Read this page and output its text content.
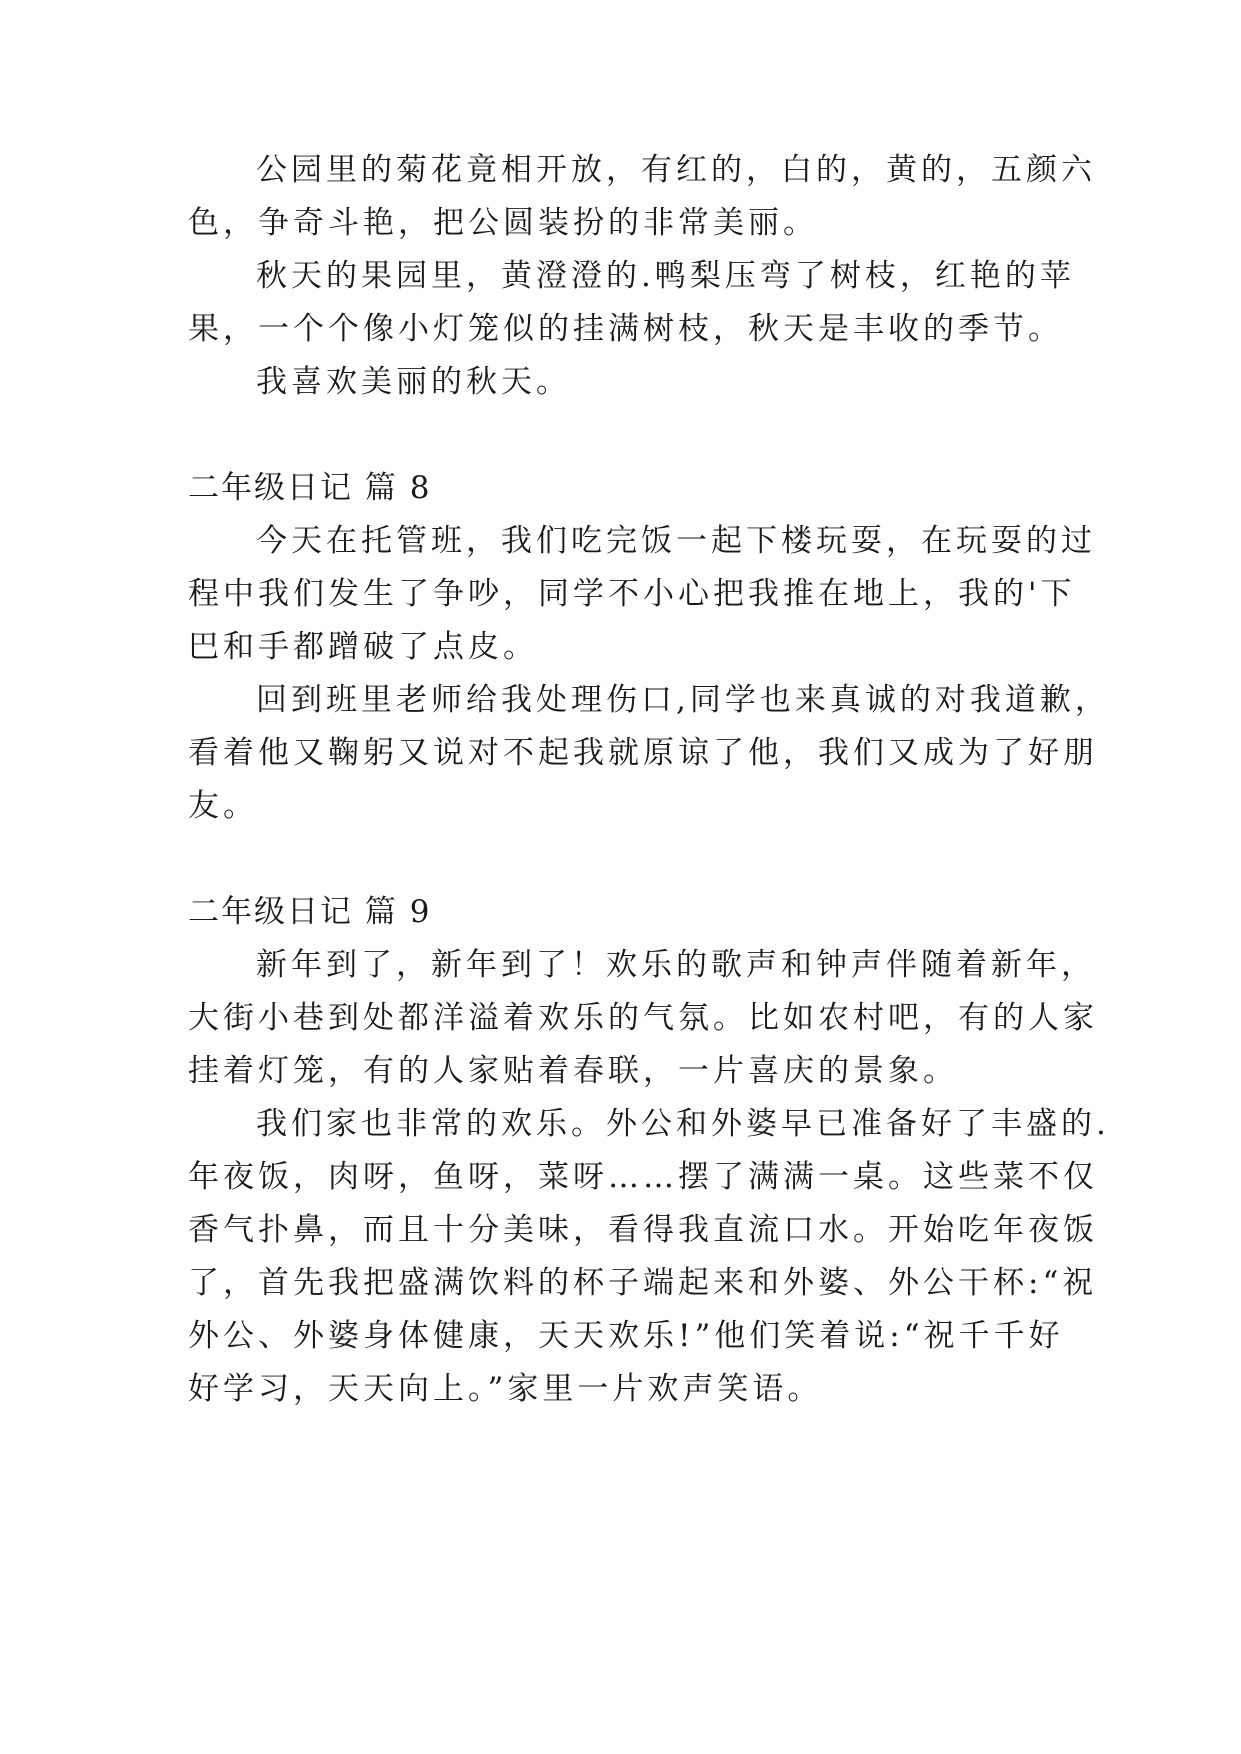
公园里的菊花竟相开放，有红的，白的，黄的，五颜六
色，争奇斗艳，把公圆装扮的非常美丽。
秋天的果园里，黄澄澄的.鸭梨压弯了树枝，红艳的苹
果，一个个像小灯笼似的挂满树枝，秋天是丰收的季节。
我喜欢美丽的秋天。
二年级日记 篇 8
今天在托管班，我们吃完饭一起下楼玩耍，在玩耍的过
程中我们发生了争吵，同学不小心把我推在地上，我的'下
巴和手都蹭破了点皮。
回到班里老师给我处理伤口,同学也来真诚的对我道歉，
看着他又鞠躬又说对不起我就原谅了他，我们又成为了好朋
友。
二年级日记 篇 9
新年到了，新年到了！欢乐的歌声和钟声伴随着新年，
大街小巷到处都洋溢着欢乐的气氛。比如农村吧，有的人家
挂着灯笼，有的人家贴着春联，一片喜庆的景象。
我们家也非常的欢乐。外公和外婆早已准备好了丰盛的.
年夜饭，肉呀，鱼呀，菜呀……摆了满满一桌。这些菜不仅
香气扑鼻，而且十分美味，看得我直流口水。开始吃年夜饭
了，首先我把盛满饮料的杯子端起来和外婆、外公干杯:“祝
外公、外婆身体健康，天天欢乐!”他们笑着说:“祝千千好
好学习，天天向上。”家里一片欢声笑语。
